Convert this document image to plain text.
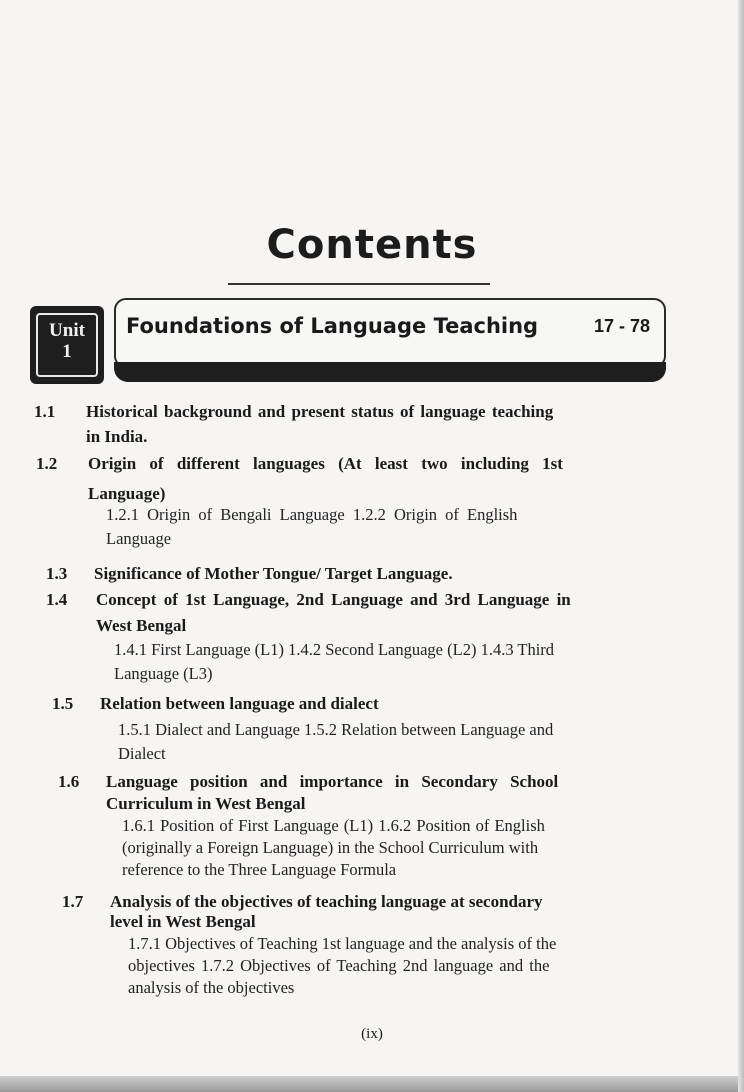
Contents
Unit
1
Foundations of Language Teaching	17 - 78
1.1 Historical background and present status of language teaching
in India.
1.2 Origin of different languages (At least two including 1st
Language)
1.2.1 Origin of Bengali Language 1.2.2 Origin of English
Language
1.3 Significance of Mother Tongue/ Target Language.
1.4 Concept of 1st Language, 2nd Language and 3rd Language in
West Bengal
1.4.1 First Language (L1) 1.4.2 Second Language (L2) 1.4.3 Third
Language (L3)
1.5 Relation between language and dialect
1.5.1 Dialect and Language 1.5.2 Relation between Language and
Dialect
1.6 Language position and importance in Secondary School
Curriculum in West Bengal
1.6.1 Position of First Language (L1) 1.6.2 Position of English
(originally a Foreign Language) in the School Curriculum with
reference to the Three Language Formula
1.7 Analysis of the objectives of teaching language at secondary
level in West Bengal
1.7.1 Objectives of Teaching 1st language and the analysis of the
objectives 1.7.2 Objectives of Teaching 2nd language and the
analysis of the objectives
(ix)
